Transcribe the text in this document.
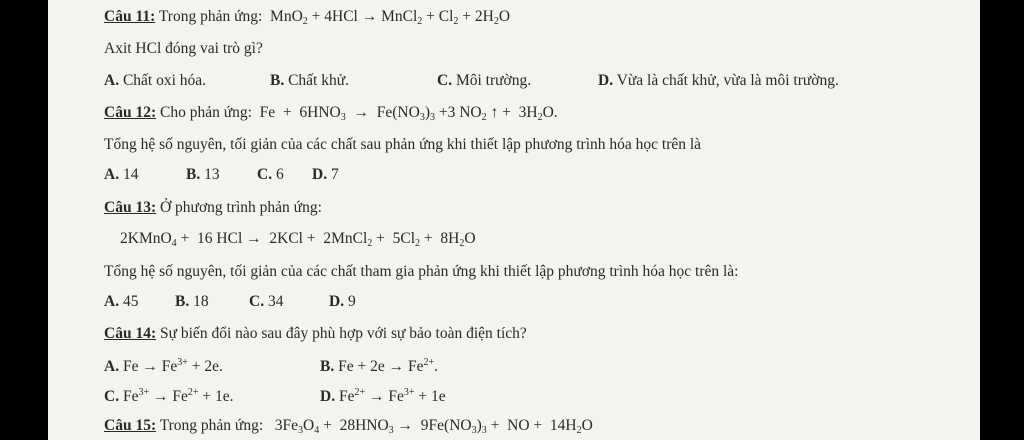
Câu 11: Trong phản ứng:  MnO$_2$ + 4HCl → MnCl$_2$ + $Cl_2 + 2H_2O$
Axit HCl đóng vai trò gì?
A. Chất oxi hóa.	B. Chất khử.	C. Môi trường.	D. Vừa là chất khử, vừa là môi trường.
Câu 12: Cho phản ứng:  $Fe + 6HNO_3 \to Fe(NO_3)_3 +3$ $NO_2$ ↑ +  $3H_2O$.
Tổng hệ số nguyên, tối giản của các chất sau phản ứng khi thiết lập phương trình hóa học trên là
A. 14	B. 13 C. 6 D. 7
Câu 13: Ở phương trình phản ứng:
2KMnO$_4$ +  16 HCl →  2KCl +  2MnCl$_2$ +  $5Cl_2 + 8H_2O$
Tổng hệ số nguyên, tối giản của các chất tham gia phản ứng khi thiết lập phương trình hóa học trên là:
A. 45 B. 18	C. 34	D. 9
Câu 14: Sự biến đổi nào sau đây phù hợp với sự bảo toàn điện tích?
A. $Fe \to Fe^{3+} + 2e$.	B. $Fe + 2e \to Fe^{2+}$.
C. $Fe^{3+} \to Fe^{2+} + 1e$.	D. $Fe^{2+} \to Fe^{3+} + 1e$
Câu 15: Trong phản ứng:   $3Fe_3O_4 + 28HNO_3 \to 9Fe(NO_3)_3$ +  NO +  $14H_2O$
